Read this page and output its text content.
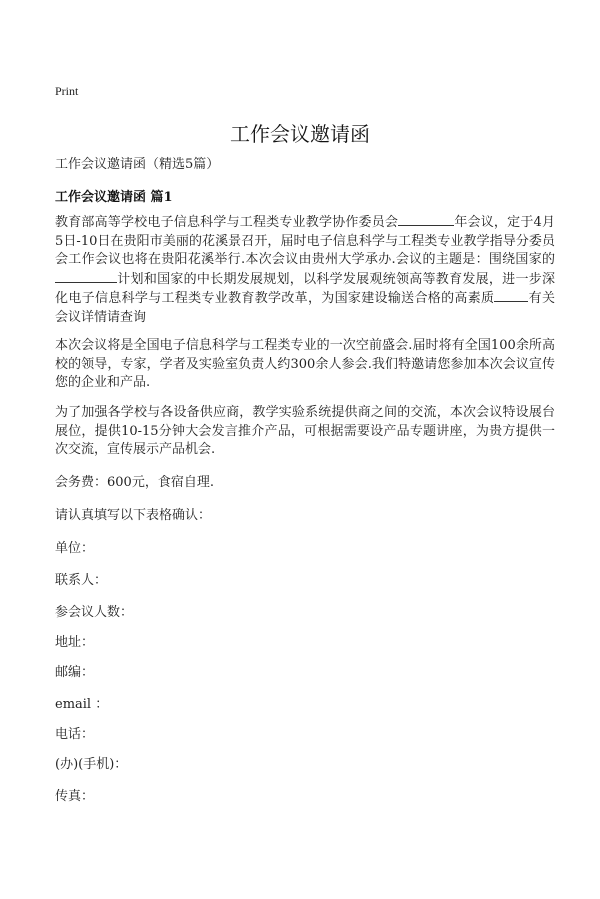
Print
工作会议邀请函
工作会议邀请函（精选5篇）
工作会议邀请函 篇1

教育部高等学校电子信息科学与工程类专业教学协作委员会	年会议，定于4月5日-10日在贵阳市美丽的花溪景召开，届时电子信息科学与工程类专业教学指导分委员会工作会议也将在贵阳花溪举行.本次会议由贵州大学承办.会议的主题是：围绕国家的计划和国家的中长期发展规划，以科学发展观统领高等教育发展，进一步深化电子信息科学与工程类专业教育教学改革，为国家建设输送合格的高素质	有关会议详情请查询

本次会议将是全国电子信息科学与工程类专业的一次空前盛会.届时将有全国100余所高校的领导，专家，学者及实验室负责人约300余人参会.我们特邀请您参加本次会议宣传您的企业和产品.

为了加强各学校与各设备供应商，教学实验系统提供商之间的交流，本次会议特设展台展位，提供10-15分钟大会发言推介产品，可根据需要设产品专题讲座，为贵方提供一次交流，宣传展示产品机会.

会务费：600元，食宿自理.
请认真填写以下表格确认：
单位：
联系人：
参会议人数：
地址：
邮编：
email ：
电话：
(办)(手机)：
传真：
